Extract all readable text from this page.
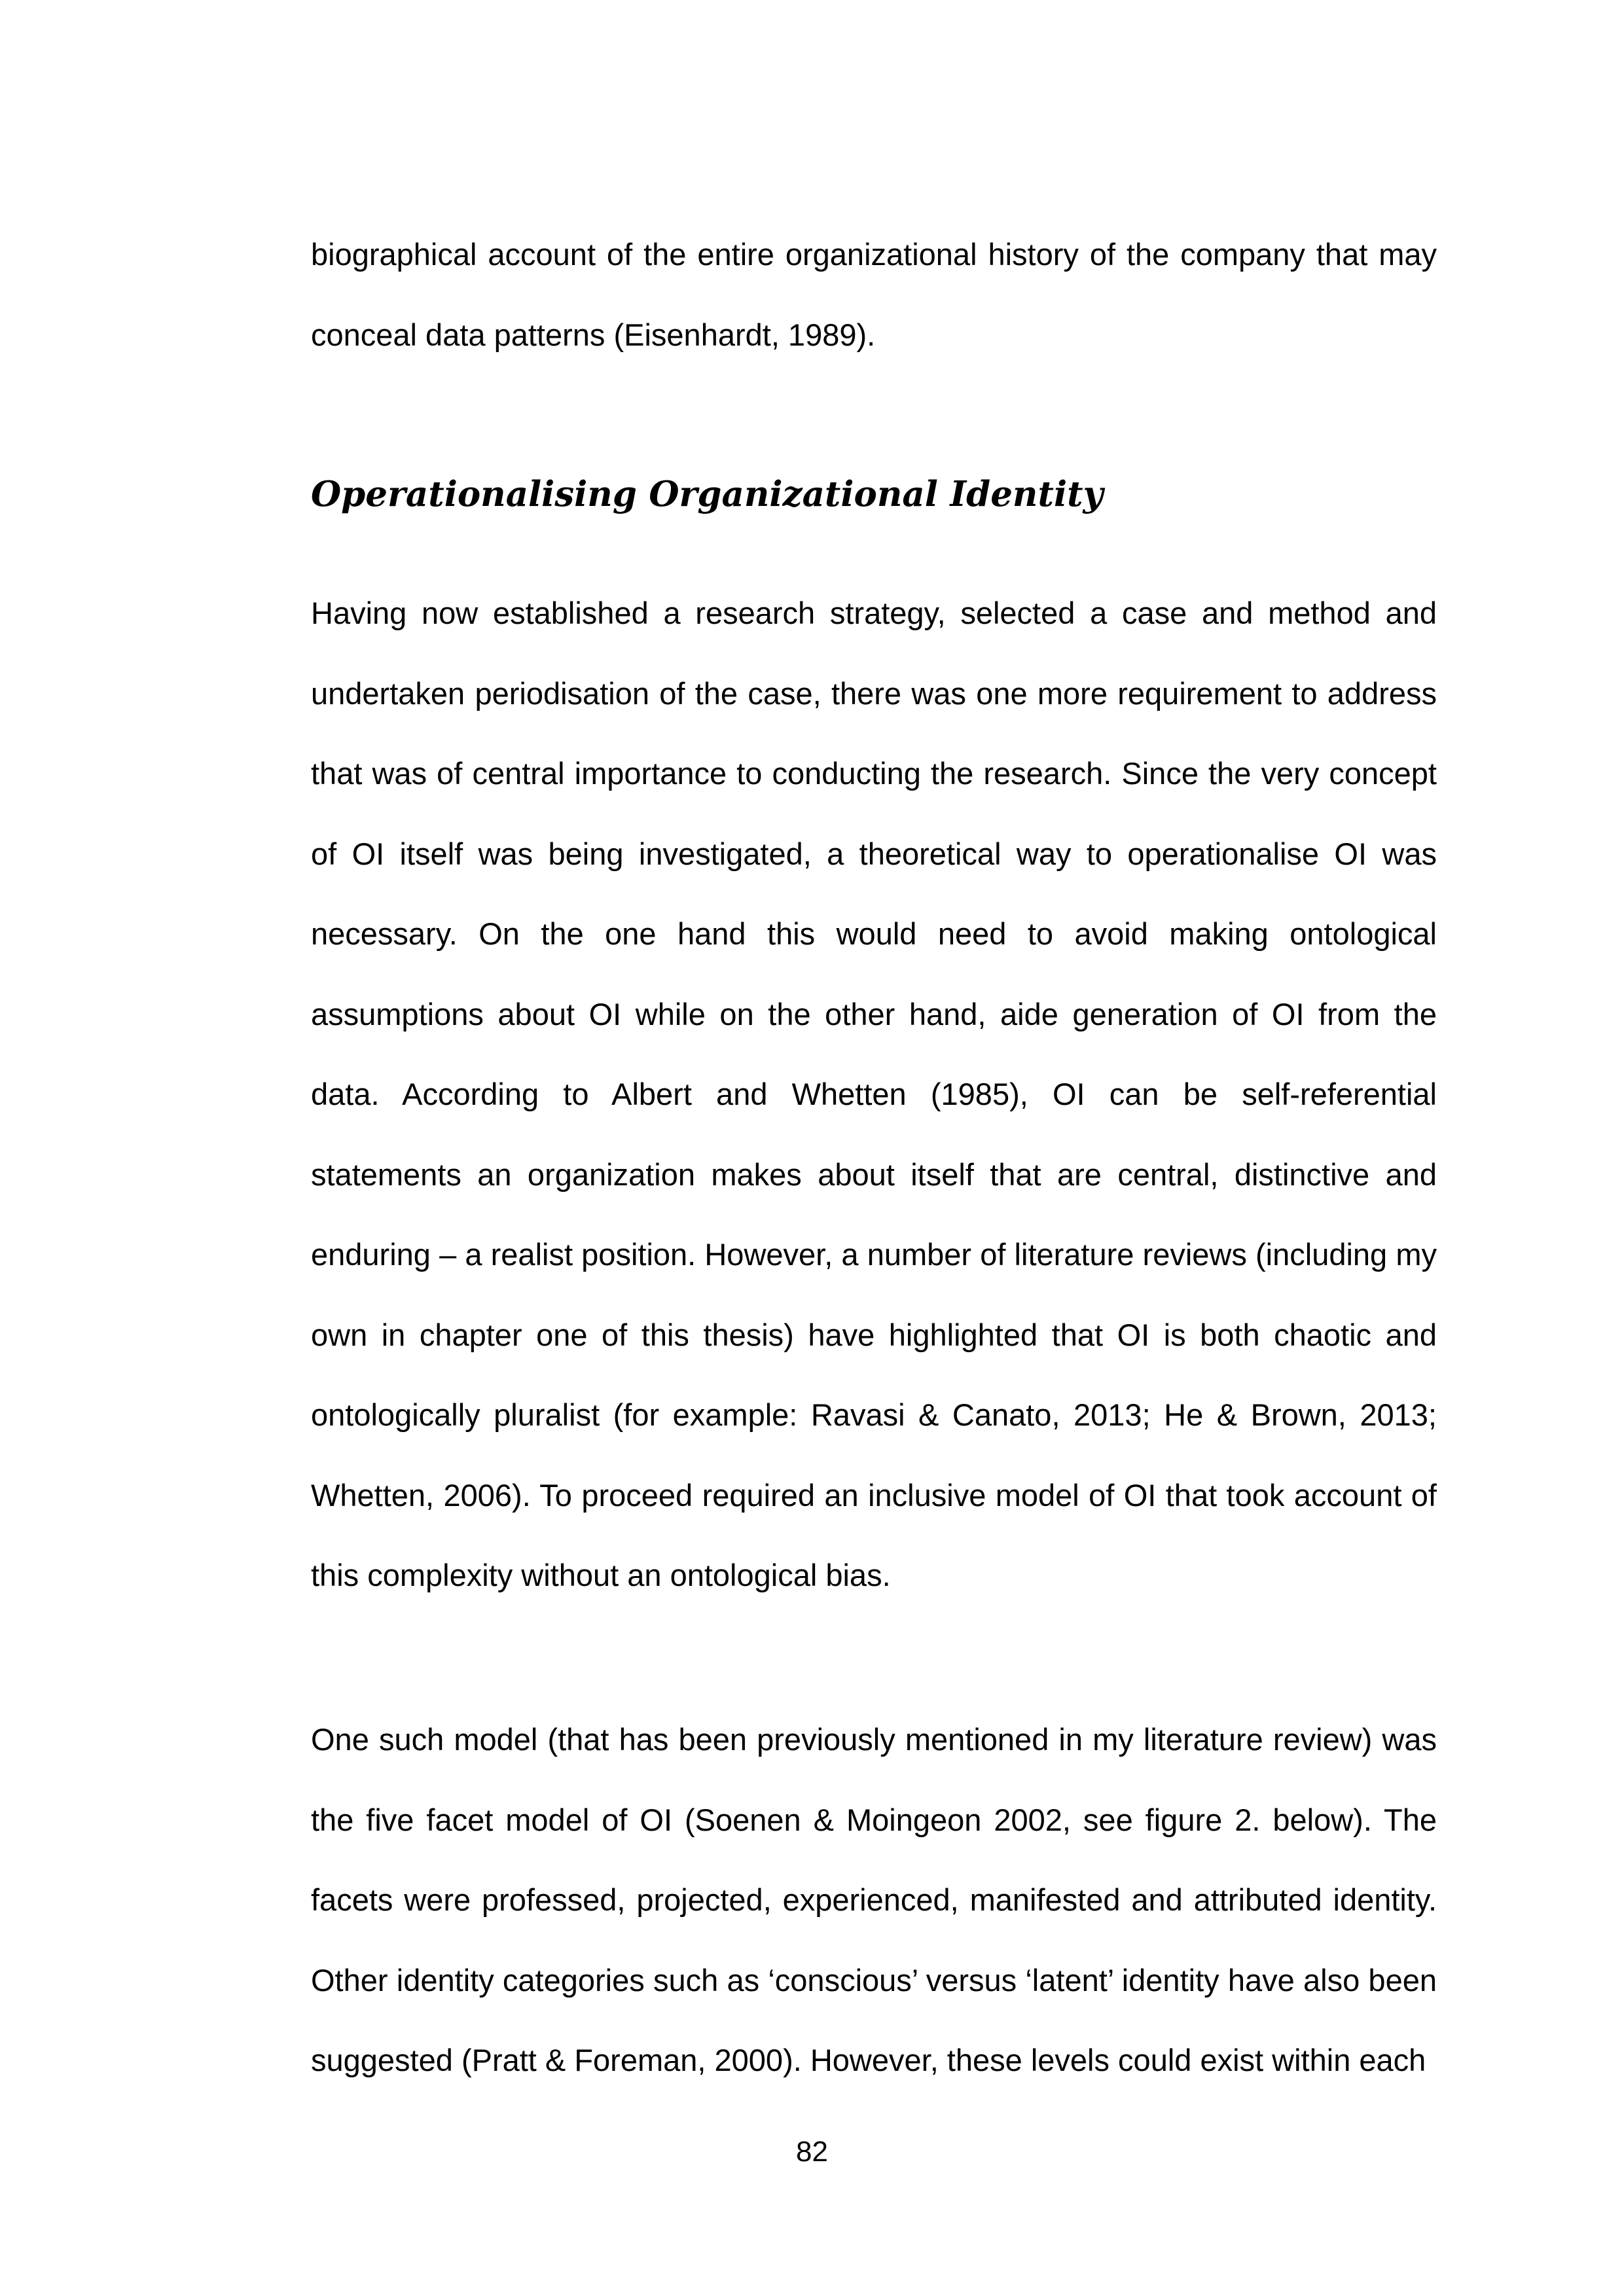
biographical account of the entire organizational history of the company that may conceal data patterns (Eisenhardt, 1989).

Operationalising Organizational Identity

Having now established a research strategy, selected a case and method and undertaken periodisation of the case, there was one more requirement to address that was of central importance to conducting the research. Since the very concept of OI itself was being investigated, a theoretical way to operationalise OI was necessary. On the one hand this would need to avoid making ontological assumptions about OI while on the other hand, aide generation of OI from the data. According to Albert and Whetten (1985), OI can be self-referential statements an organization makes about itself that are central, distinctive and enduring – a realist position. However, a number of literature reviews (including my own in chapter one of this thesis) have highlighted that OI is both chaotic and ontologically pluralist (for example: Ravasi & Canato, 2013; He & Brown, 2013; Whetten, 2006). To proceed required an inclusive model of OI that took account of this complexity without an ontological bias.

One such model (that has been previously mentioned in my literature review) was the five facet model of OI (Soenen & Moingeon 2002, see figure 2. below). The facets were professed, projected, experienced, manifested and attributed identity. Other identity categories such as ‘conscious’ versus ‘latent’ identity have also been suggested (Pratt & Foreman, 2000). However, these levels could exist within each

82
